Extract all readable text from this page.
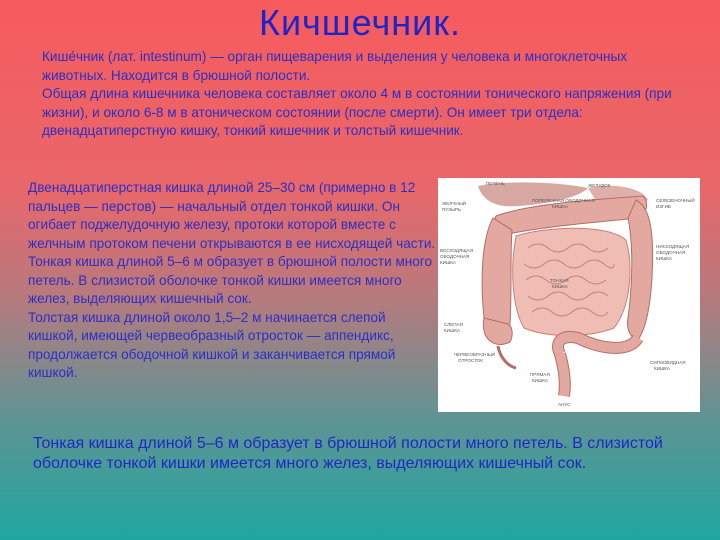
Кичшечник.

Кише́чник (лат. intestinum) — орган пищеварения и выделения у человека и многоклеточных животных. Находится в брюшной полости.

Общая длина кишечника человека составляет около 4 м в состоянии тонического напряжения (при жизни), и около 6-8 м в атоническом состоянии (после смерти). Он имеет три отдела: двенадцатиперстную кишку, тонкий кишечник и толстый кишечник.

Двенадцатиперстная кишка длиной 25–30 см (примерно в 12 пальцев — перстов) — начальный отдел тонкой кишки. Он огибает поджелудочную железу, протоки которой вместе с желчным протоком печени открываются в ее нисходящей части.

Тонкая кишка длиной 5–6 м образует в брюшной полости много петель. В слизистой оболочке тонкой кишки имеется много желез, выделяющих кишечный сок.

Толстая кишка длиной около 1,5–2 м начинается слепой кишкой, имеющей червеобразный отросток — аппендикс, продолжается ободочной кишкой и заканчивается прямой кишкой.

ПЕЧЕНЬ	ЖЕЛУДОК
ЖЕЛЧНЫЙ
ПУЗЫРЬ
ПОПЕРЕЧНАЯ ОБОДОЧНАЯ
КИШКА
СЕЛЕЗЕНОЧНЫЙ
ИЗГИБ
ВОСХОДЯЩАЯ
ОБОДОЧНАЯ
КИШКА
НИСХОДЯЩАЯ
ОБОДОЧНАЯ
КИШКА
ТОНКАЯ
КИШКА
СЛЕПАЯ
КИШКА
ЧЕРВЕОБРАЗНЫЙ
ОТРОСТОК	СИГМОВИДНАЯ
КИШКА
ПРЯМАЯ
КИШКА
АНУС
Тонкая кишка длиной 5–6 м образует в брюшной полости много петель. В слизистой оболочке тонкой кишки имеется много желез, выделяющих кишечный сок.
